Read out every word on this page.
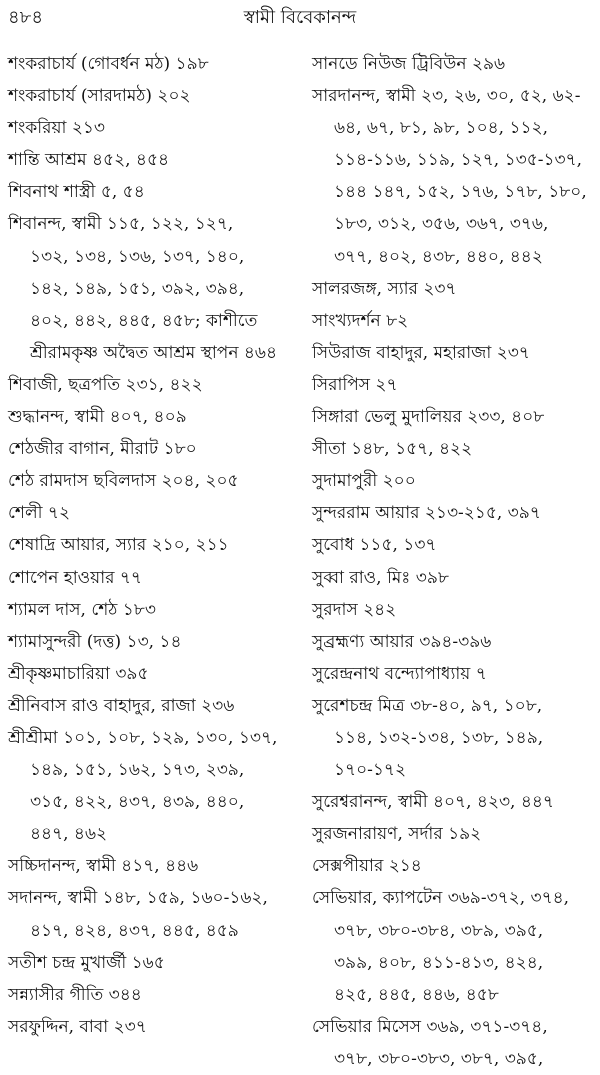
৪৮৪	স্বামী বিবেকানন্দ
শংকরাচার্য (গোবর্ধন মঠ) ১৯৮
শংকরাচার্য (সারদামঠ) ২০২
শংকরিয়া ২১৩
শান্তি আশ্রম ৪৫২, ৪৫৪
শিবনাথ শাস্ত্রী ৫, ৫৪
শিবানন্দ, স্বামী ১১৫, ১২২, ১২৭,
১৩২, ১৩৪, ১৩৬, ১৩৭, ১৪০,
১৪২, ১৪৯, ১৫১, ৩৯২, ৩৯৪,
৪০২, ৪৪২, ৪৪৫, ৪৫৮; কাশীতে
শ্রীরামকৃষ্ণ অদ্বৈত আশ্রম স্থাপন ৪৬৪
শিবাজী, ছত্রপতি ২৩১, ৪২২
শুদ্ধানন্দ, স্বামী ৪০৭, ৪০৯
শেঠজীর বাগান, মীরাট ১৮০
শেঠ রামদাস ছবিলদাস ২০৪, ২০৫
শেলী ৭২
শেষাদ্রি আয়ার, স্যার ২১০, ২১১
শোপেন হাওয়ার ৭৭
শ্যামল দাস, শেঠ ১৮৩
শ্যামাসুন্দরী (দত্ত) ১৩, ১৪
শ্রীকৃষ্ণমাচারিয়া ৩৯৫
শ্রীনিবাস রাও বাহাদুর, রাজা ২৩৬
শ্রীশ্রীমা ১০১, ১০৮, ১২৯, ১৩০, ১৩৭,
১৪৯, ১৫১, ১৬২, ১৭৩, ২৩৯,
৩১৫, ৪২২, ৪৩৭, ৪৩৯, ৪৪০,
৪৪৭, ৪৬২
সচ্চিদানন্দ, স্বামী ৪১৭, ৪৪৬
সদানন্দ, স্বামী ১৪৮, ১৫৯, ১৬০-১৬২,
৪১৭, ৪২৪, ৪৩৭, ৪৪৫, ৪৫৯
সতীশ চন্দ্র মুখার্জী ১৬৫
সন্ন্যাসীর গীতি ৩৪৪
সরফুদ্দিন, বাবা ২৩৭
সানডে নিউজ ট্রিবিউন ২৯৬
সারদানন্দ, স্বামী ২৩, ২৬, ৩০, ৫২, ৬২-
৬৪, ৬৭, ৮১, ৯৮, ১০৪, ১১২,
১১৪-১১৬, ১১৯, ১২৭, ১৩৫-১৩৭,
১৪৪ ১৪৭, ১৫২, ১৭৬, ১৭৮, ১৮০,
১৮৩, ৩১২, ৩৫৬, ৩৬৭, ৩৭৬,
৩৭৭, ৪০২, ৪৩৮, ৪৪০, ৪৪২
সালরজঙ্গ, স্যার ২৩৭
সাংখ্যদর্শন ৮২
সিউরাজ বাহাদুর, মহারাজা ২৩৭
সিরাপিস ২৭
সিঙ্গারা ভেলু মুদালিয়র ২৩৩, ৪০৮
সীতা ১৪৮, ১৫৭, ৪২২
সুদামাপুরী ২০০
সুন্দররাম আয়ার ২১৩-২১৫, ৩৯৭
সুবোধ ১১৫, ১৩৭
সুব্বা রাও, মিঃ ৩৯৮
সুরদাস ২৪২
সুব্রহ্মণ্য আয়ার ৩৯৪-৩৯৬
সুরেন্দ্রনাথ বন্দ্যোপাধ্যায় ৭
সুরেশচন্দ্র মিত্র ৩৮-৪০, ৯৭, ১০৮,
১১৪, ১৩২-১৩৪, ১৩৮, ১৪৯,
১৭০-১৭২
সুরেশ্বরানন্দ, স্বামী ৪০৭, ৪২৩, ৪৪৭
সুরজনারায়ণ, সর্দার ১৯২
সেক্সপীয়ার ২১৪
সেভিয়ার, ক্যাপটেন ৩৬৯-৩৭২, ৩৭৪,
৩৭৮, ৩৮০-৩৮৪, ৩৮৯, ৩৯৫,
৩৯৯, ৪০৮, ৪১১-৪১৩, ৪২৪,
৪২৫, ৪৪৫, ৪৪৬, ৪৫৮
সেভিয়ার মিসেস ৩৬৯, ৩৭১-৩৭৪,
৩৭৮, ৩৮০-৩৮৩, ৩৮৭, ৩৯৫,
